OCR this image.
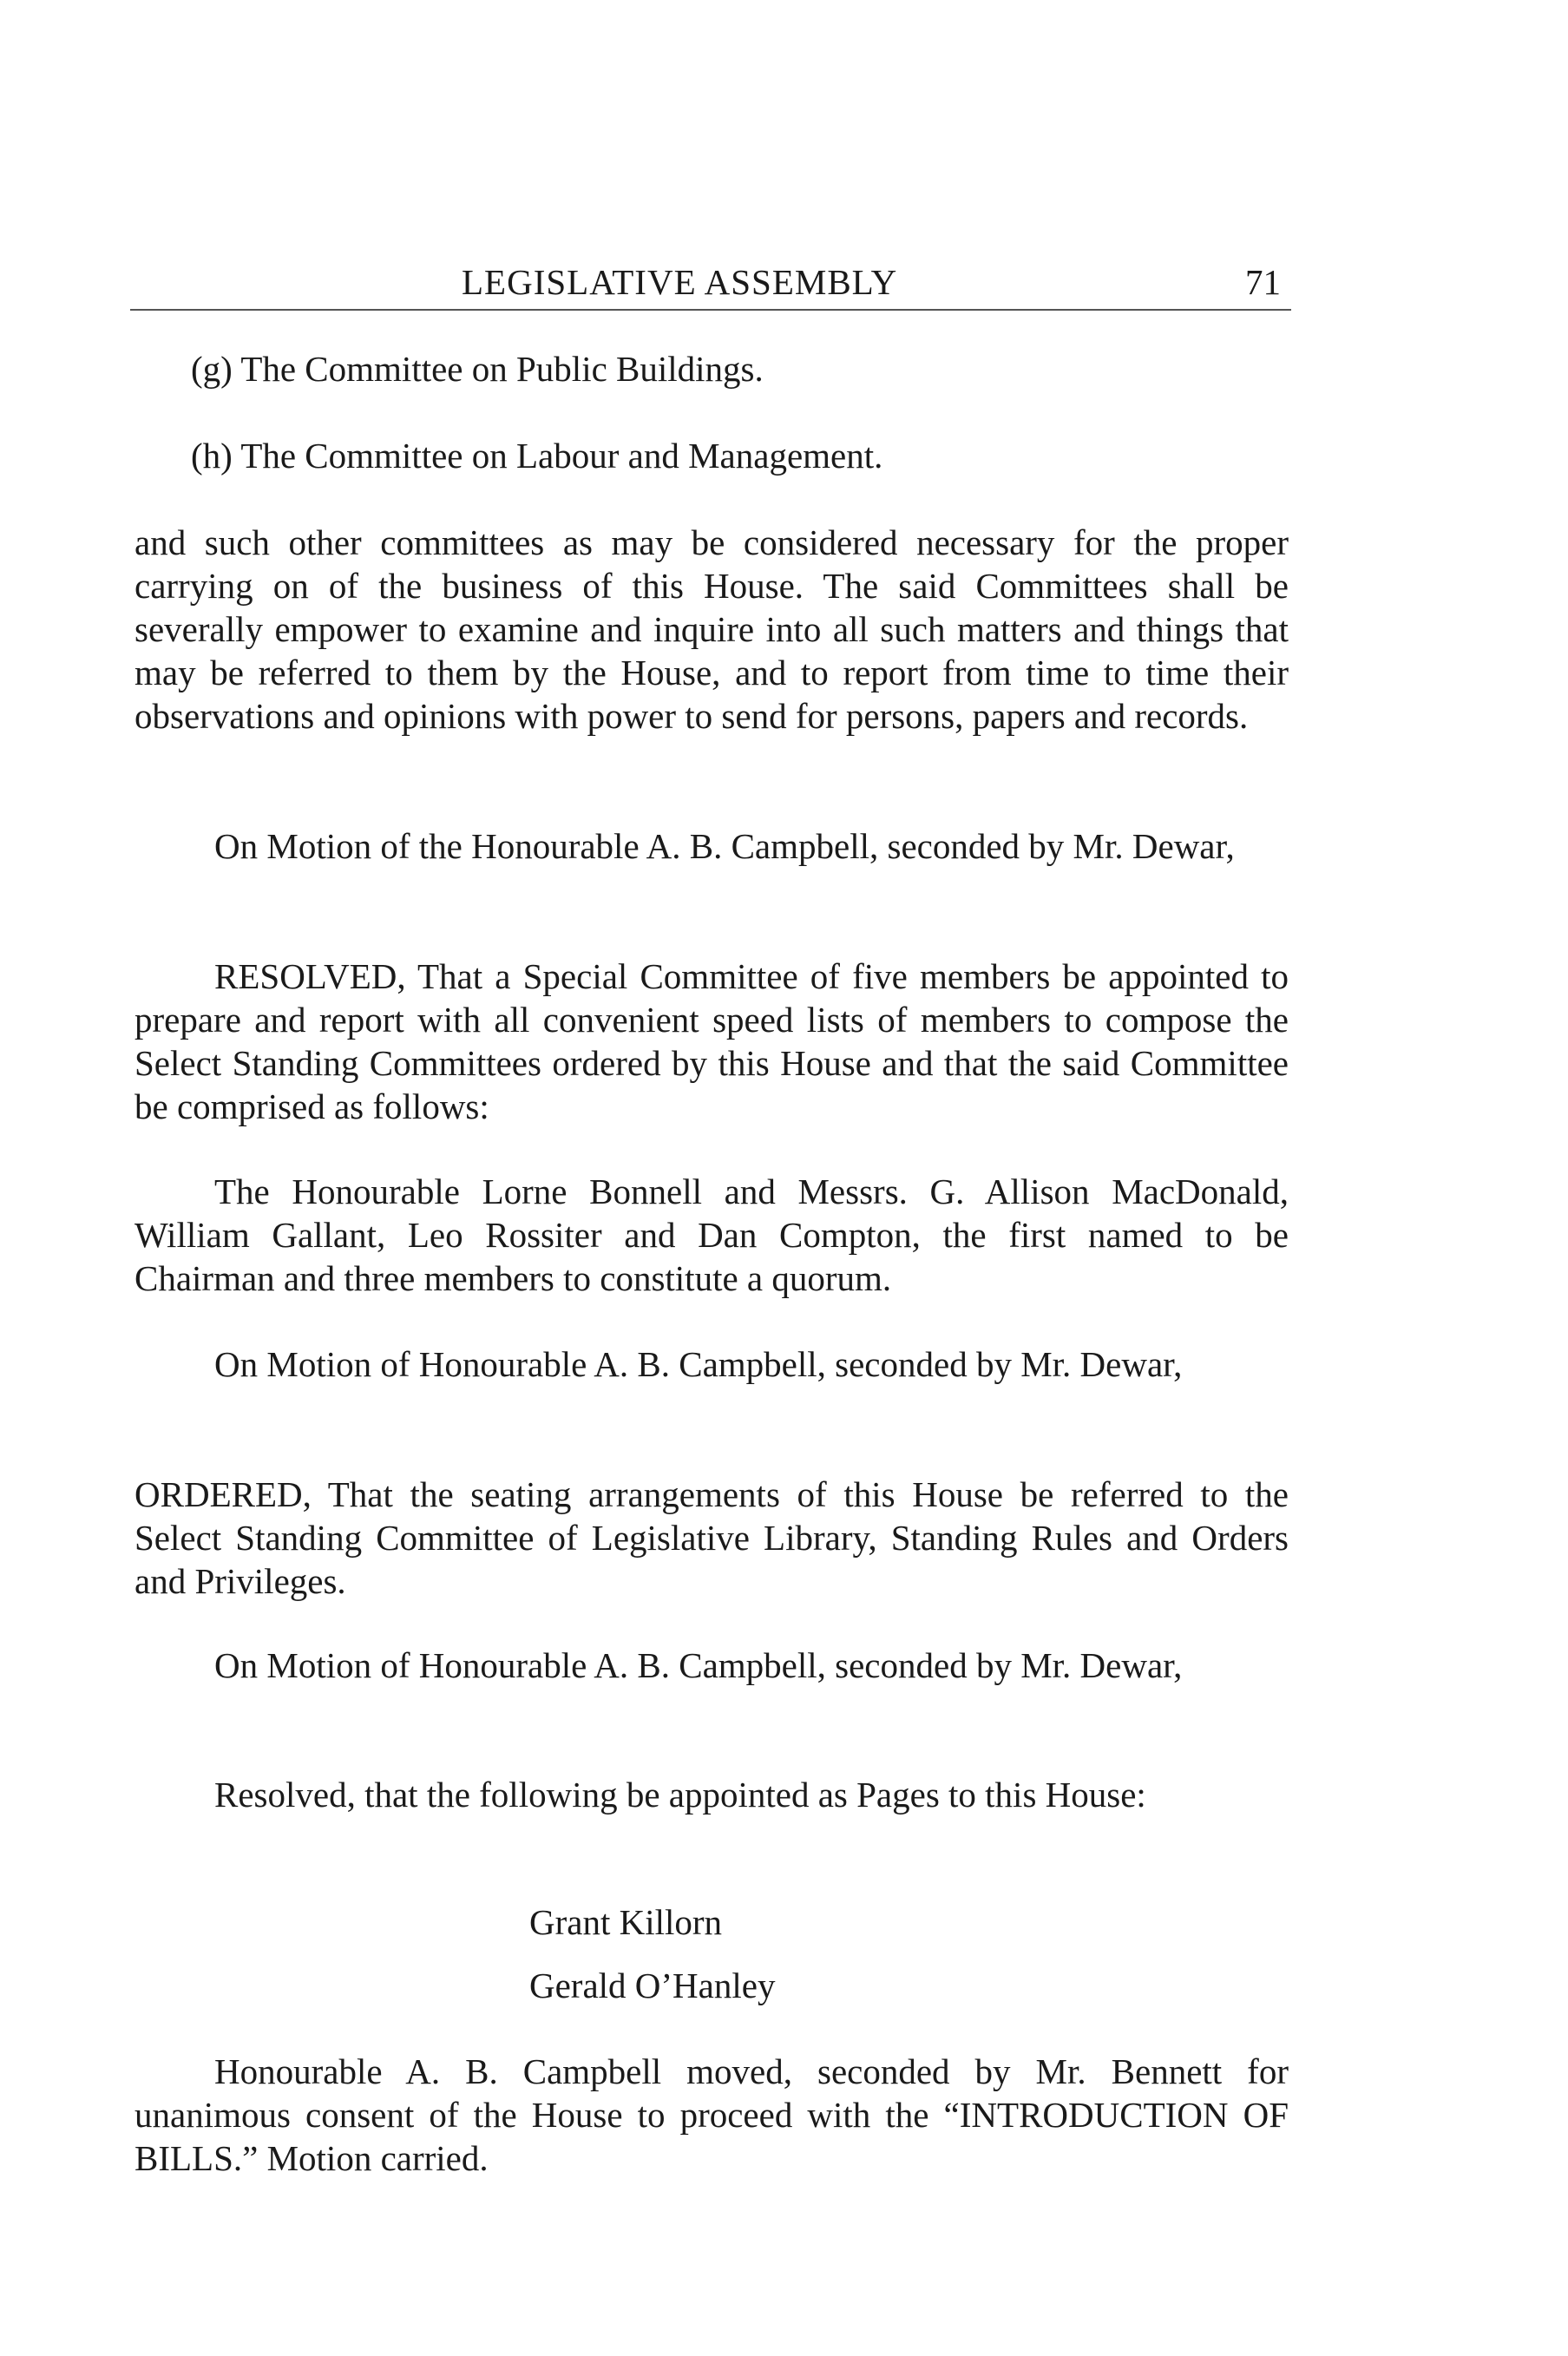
LEGISLATIVE ASSEMBLY	71

(g) The Committee on Public Buildings.

(h) The Committee on Labour and Management.

and such other committees as may be considered necessary for the proper carrying on of the business of this House. The said Committees shall be severally empower to examine and inquire into all such matters and things that may be referred to them by the House, and to report from time to time their observations and opinions with power to send for persons, papers and records.

On Motion of the Honourable A. B. Campbell, seconded by Mr. Dewar,

RESOLVED, That a Special Committee of five members be appointed to prepare and report with all convenient speed lists of members to compose the Select Standing Committees ordered by this House and that the said Committee be comprised as follows:

The Honourable Lorne Bonnell and Messrs. G. Allison MacDonald, William Gallant, Leo Rossiter and Dan Compton, the first named to be Chairman and three members to constitute a quorum.

On Motion of Honourable A. B. Campbell, seconded by Mr. Dewar,

ORDERED, That the seating arrangements of this House be referred to the Select Standing Committee of Legislative Library, Standing Rules and Orders and Privileges.

On Motion of Honourable A. B. Campbell, seconded by Mr. Dewar,

Resolved, that the following be appointed as Pages to this House:

Grant Killorn

Gerald O’Hanley

Honourable A. B. Campbell moved, seconded by Mr. Bennett for unanimous consent of the House to proceed with the “INTRODUCTION OF BILLS.” Motion carried.
